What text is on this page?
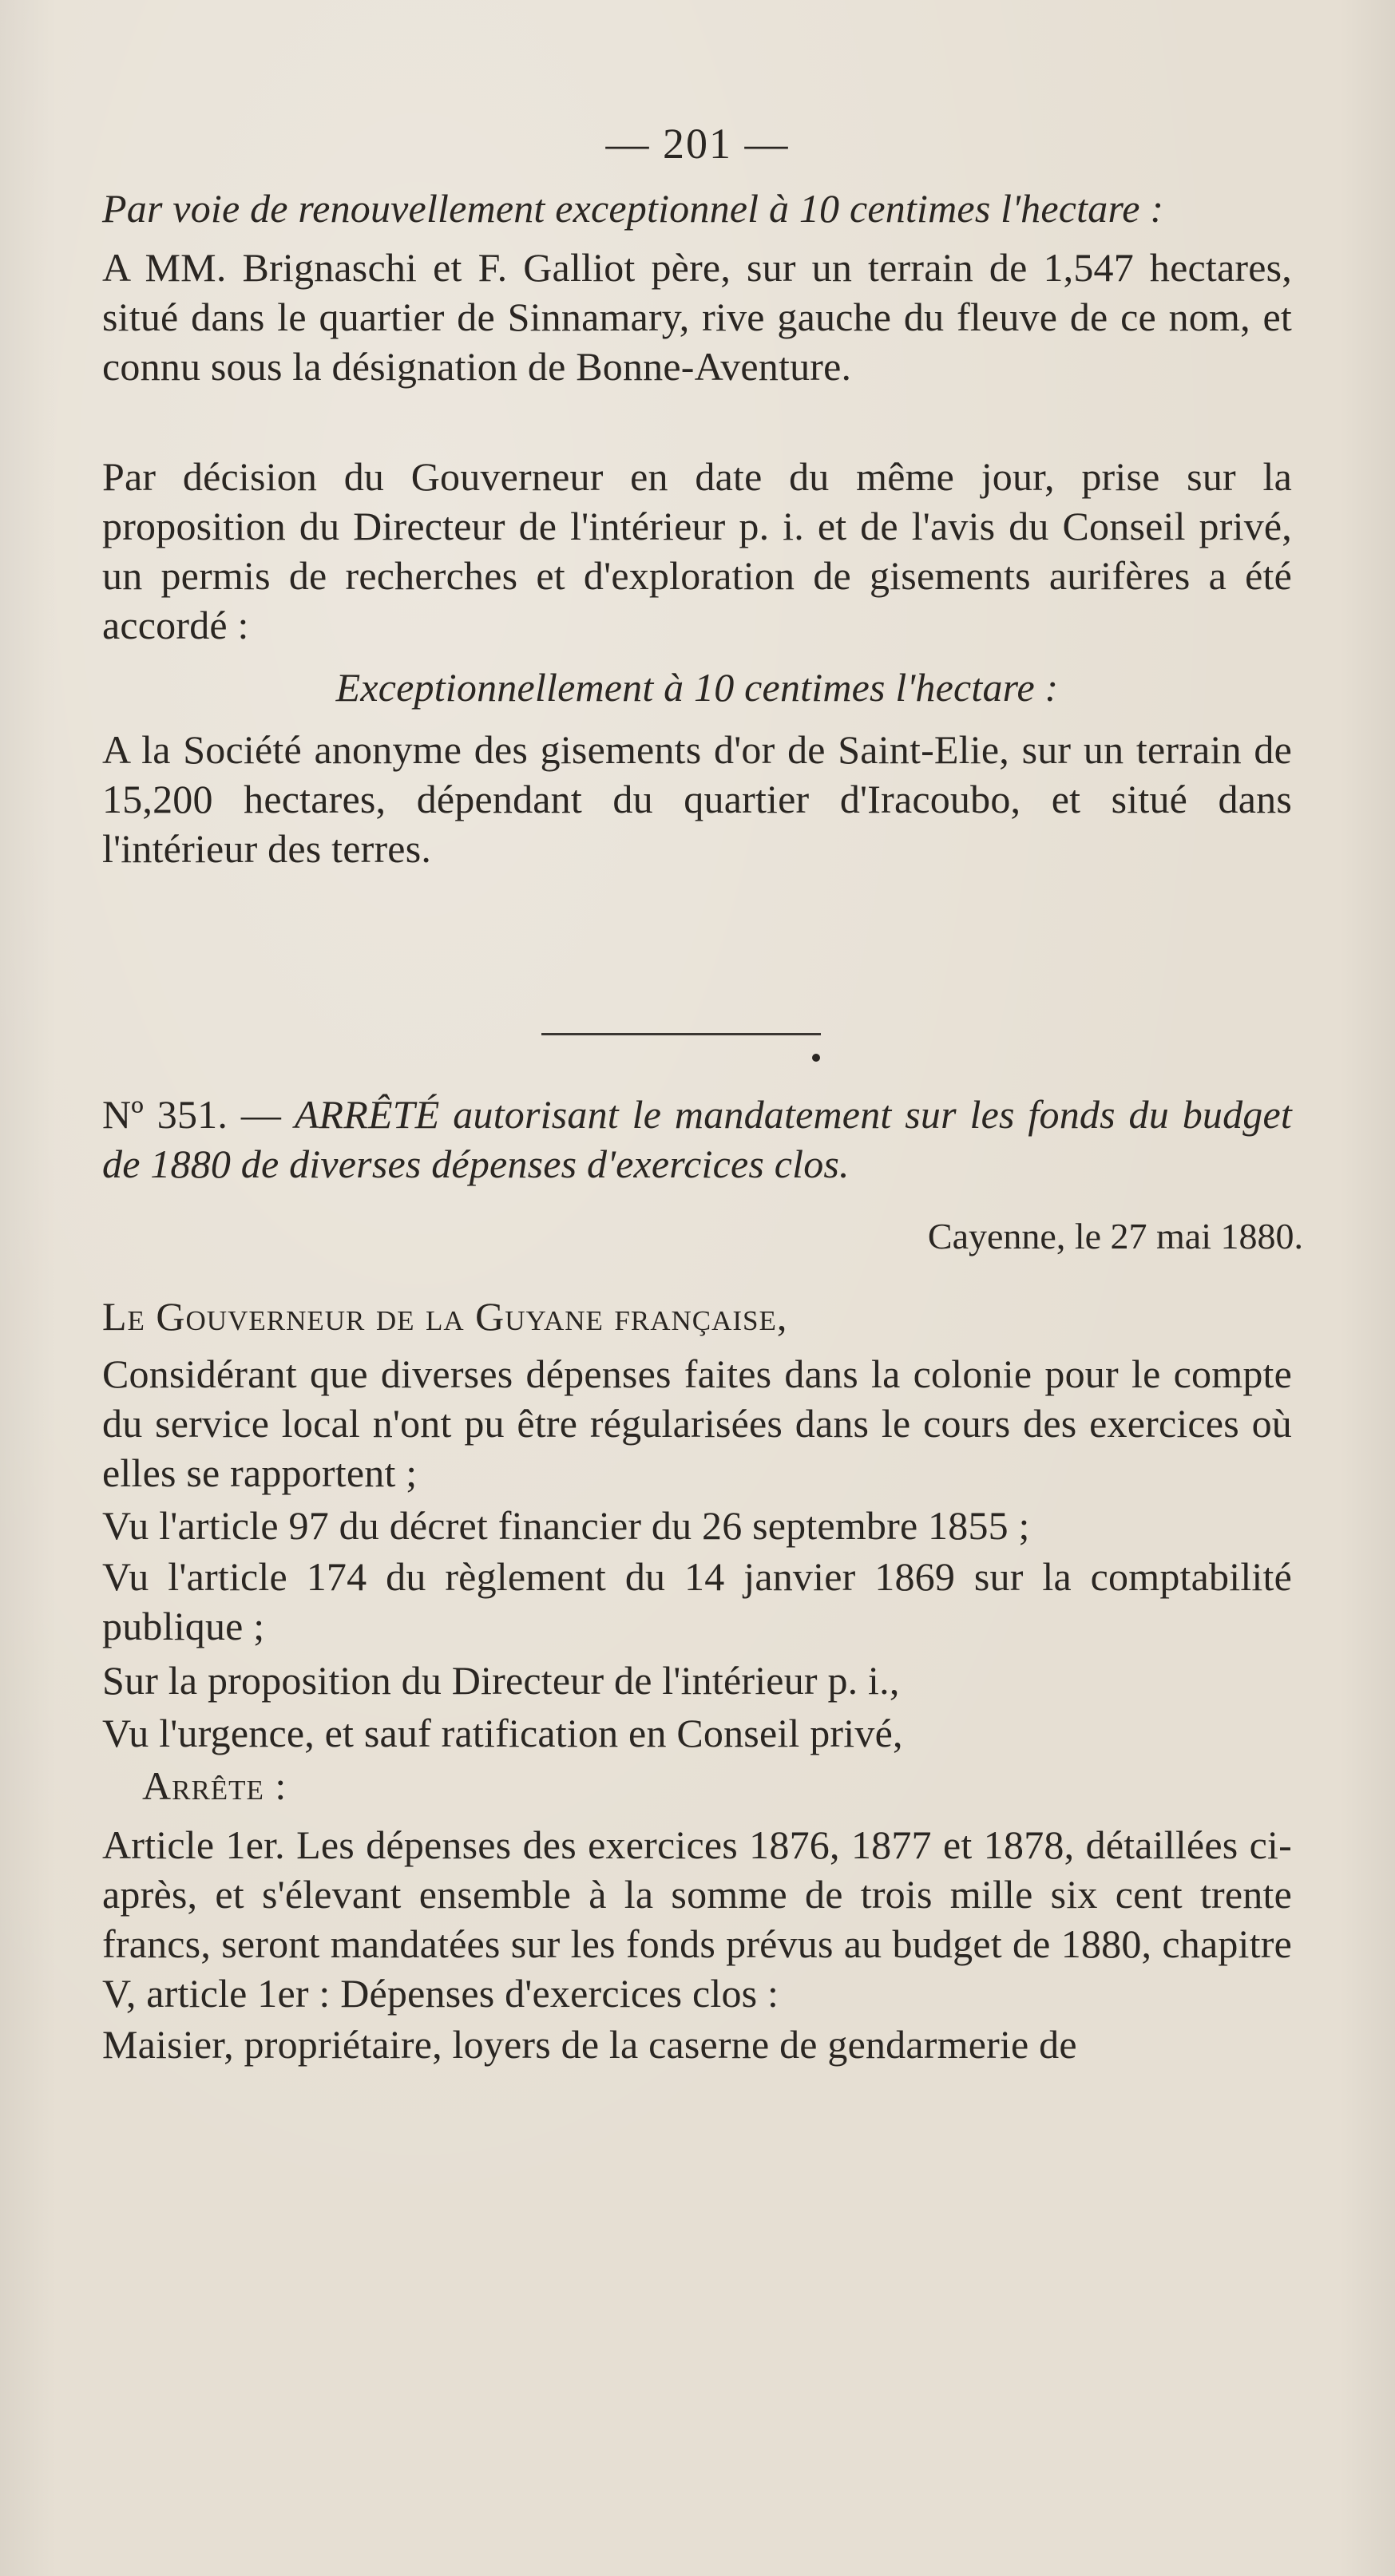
— 201 —

Par voie de renouvellement exceptionnel à 10 centimes l'hectare :

A MM. Brignaschi et F. Galliot père, sur un terrain de 1,547 hectares, situé dans le quartier de Sinnamary, rive gauche du fleuve de ce nom, et connu sous la désignation de Bonne-Aventure.

Par décision du Gouverneur en date du même jour, prise sur la proposition du Directeur de l'intérieur p. i. et de l'avis du Conseil privé, un permis de recherches et d'exploration de gisements aurifères a été accordé :

Exceptionnellement à 10 centimes l'hectare :

A la Société anonyme des gisements d'or de Saint-Elie, sur un terrain de 15,200 hectares, dépendant du quartier d'Iracoubo, et situé dans l'intérieur des terres.

Nº 351. — ARRÊTÉ autorisant le mandatement sur les fonds du budget de 1880 de diverses dépenses d'exercices clos.

Cayenne, le 27 mai 1880.

Le Gouverneur de la Guyane française,

Considérant que diverses dépenses faites dans la colonie pour le compte du service local n'ont pu être régularisées dans le cours des exercices où elles se rapportent ;

Vu l'article 97 du décret financier du 26 septembre 1855 ;

Vu l'article 174 du règlement du 14 janvier 1869 sur la comptabilité publique ;

Sur la proposition du Directeur de l'intérieur p. i.,

Vu l'urgence, et sauf ratification en Conseil privé,

Arrête :

Article 1er. Les dépenses des exercices 1876, 1877 et 1878, détaillées ci-après, et s'élevant ensemble à la somme de trois mille six cent trente francs, seront mandatées sur les fonds prévus au budget de 1880, chapitre V, article 1er : Dépenses d'exercices clos :

Maisier, propriétaire, loyers de la caserne de gendarmerie de
